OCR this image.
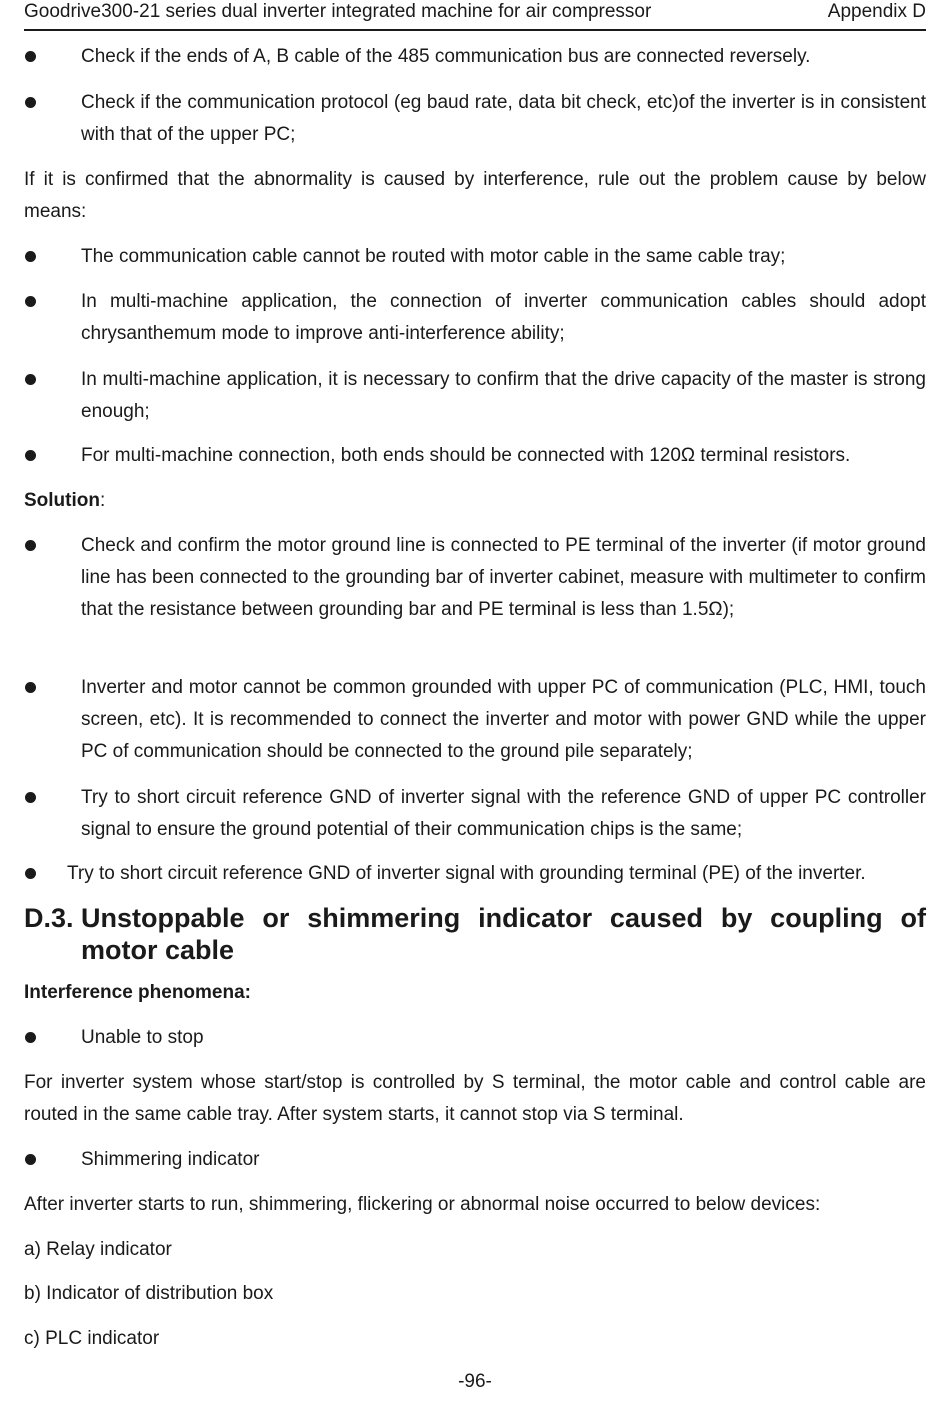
Goodrive300-21 series dual inverter integrated machine for air compressor	Appendix D
Check if the ends of A, B cable of the 485 communication bus are connected reversely.
Check if the communication protocol (eg baud rate, data bit check, etc)of the inverter is in consistent with that of the upper PC;

If it is confirmed that the abnormality is caused by interference, rule out the problem cause by below means:

The communication cable cannot be routed with motor cable in the same cable tray;
In multi-machine application, the connection of inverter communication cables should adopt chrysanthemum mode to improve anti-interference ability;
In multi-machine application, it is necessary to confirm that the drive capacity of the master is strong enough;
For multi-machine connection, both ends should be connected with 120Ω terminal resistors.

Solution:

Check and confirm the motor ground line is connected to PE terminal of the inverter (if motor ground line has been connected to the grounding bar of inverter cabinet, measure with multimeter to confirm that the resistance between grounding bar and PE terminal is less than 1.5Ω);
Inverter and motor cannot be common grounded with upper PC of communication (PLC, HMI, touch screen, etc). It is recommended to connect the inverter and motor with power GND while the upper PC of communication should be connected to the ground pile separately;
Try to short circuit reference GND of inverter signal with the reference GND of upper PC controller signal to ensure the ground potential of their communication chips is the same;
Try to short circuit reference GND of inverter signal with grounding terminal (PE) of the inverter.
D.3. Unstoppable or shimmering indicator caused by coupling of motor cable

Interference phenomena:

Unable to stop

For inverter system whose start/stop is controlled by S terminal, the motor cable and control cable are routed in the same cable tray. After system starts, it cannot stop via S terminal.

Shimmering indicator

After inverter starts to run, shimmering, flickering or abnormal noise occurred to below devices:

a) Relay indicator

b) Indicator of distribution box

c) PLC indicator

-96-
